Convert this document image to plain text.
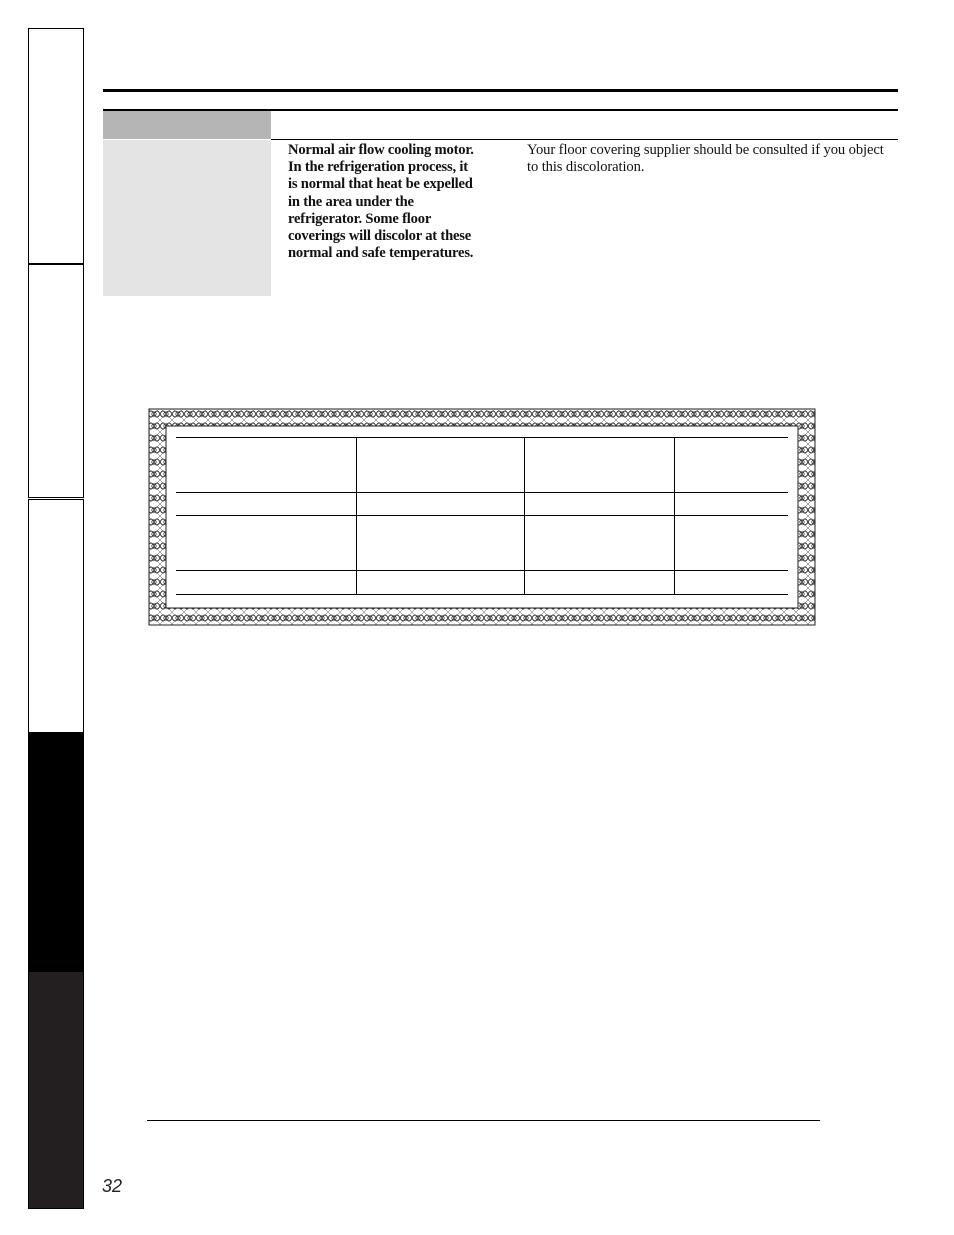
Normal air flow cooling motor. In the refrigeration process, it is normal that heat be expelled in the area under the refrigerator. Some floor coverings will discolor at these normal and safe temperatures.
Your floor covering supplier should be consulted if you object to this discoloration.
32
